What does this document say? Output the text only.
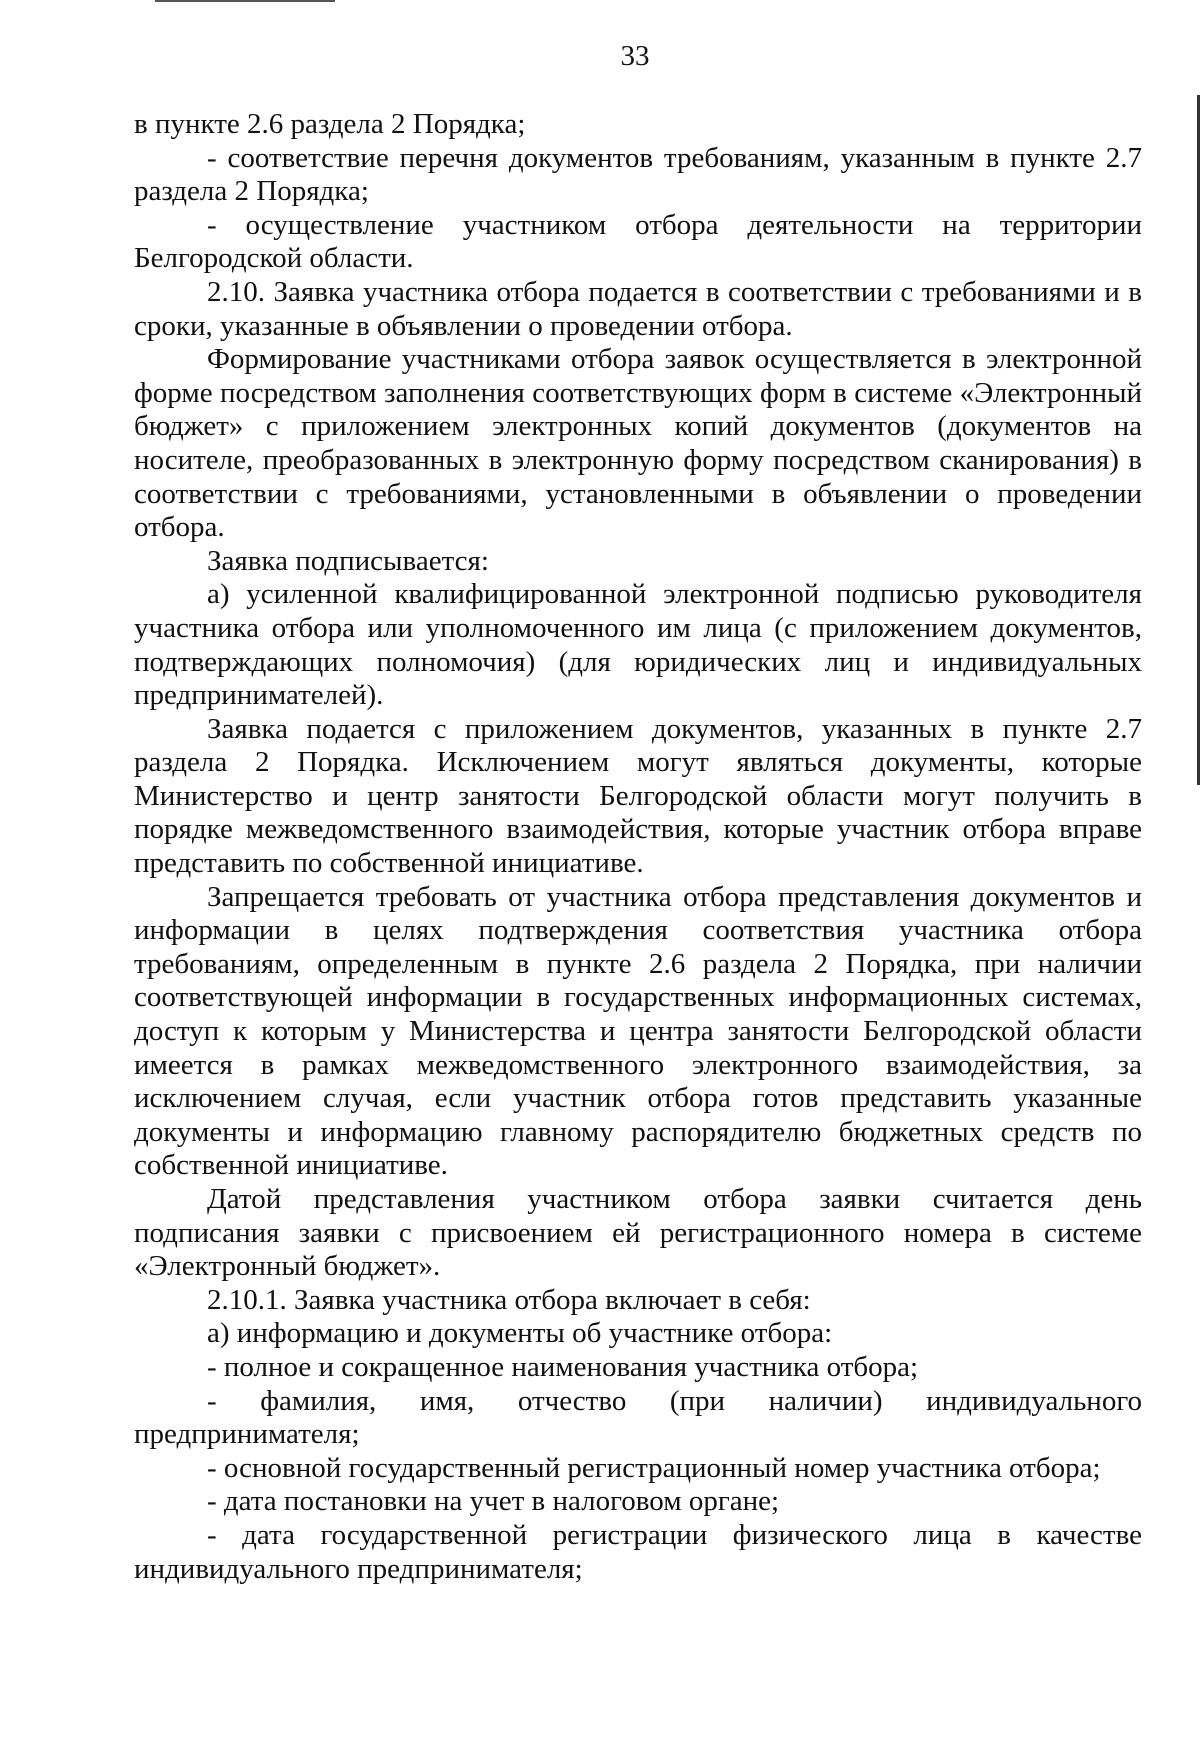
33

в пункте 2.6 раздела 2 Порядка;

- соответствие перечня документов требованиям, указанным в пункте 2.7 раздела 2 Порядка;

- осуществление участником отбора деятельности на территории Белгородской области.

2.10. Заявка участника отбора подается в соответствии с требованиями и в сроки, указанные в объявлении о проведении отбора.

Формирование участниками отбора заявок осуществляется в электронной форме посредством заполнения соответствующих форм в системе «Электронный бюджет» с приложением электронных копий документов (документов на носителе, преобразованных в электронную форму посредством сканирования) в соответствии с требованиями, установленными в объявлении о проведении отбора.

Заявка подписывается:

а) усиленной квалифицированной электронной подписью руководителя участника отбора или уполномоченного им лица (с приложением документов, подтверждающих полномочия) (для юридических лиц и индивидуальных предпринимателей).

Заявка подается с приложением документов, указанных в пункте 2.7 раздела 2 Порядка. Исключением могут являться документы, которые Министерство и центр занятости Белгородской области могут получить в порядке межведомственного взаимодействия, которые участник отбора вправе представить по собственной инициативе.

Запрещается требовать от участника отбора представления документов и информации в целях подтверждения соответствия участника отбора требованиям, определенным в пункте 2.6 раздела 2 Порядка, при наличии соответствующей информации в государственных информационных системах, доступ к которым у Министерства и центра занятости Белгородской области имеется в рамках межведомственного электронного взаимодействия, за исключением случая, если участник отбора готов представить указанные документы и информацию главному распорядителю бюджетных средств по собственной инициативе.

Датой представления участником отбора заявки считается день подписания заявки с присвоением ей регистрационного номера в системе «Электронный бюджет».

2.10.1. Заявка участника отбора включает в себя:

а) информацию и документы об участнике отбора:

- полное и сокращенное наименования участника отбора;

- фамилия, имя, отчество (при наличии) индивидуального предпринимателя;

- основной государственный регистрационный номер участника отбора;

- дата постановки на учет в налоговом органе;

- дата государственной регистрации физического лица в качестве индивидуального предпринимателя;
